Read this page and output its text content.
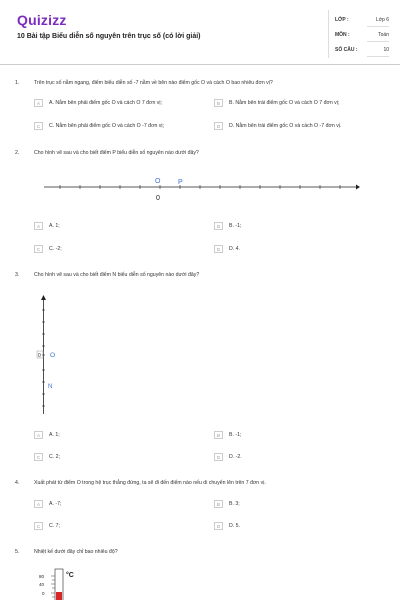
Quizizz
10 Bài tập Biểu diễn số nguyên trên trục số (có lời giải)
LỚP :	Lớp 6
MÔN :	Toán
SỐ CÂU :	10
1.	Trên trục số nằm ngang, điểm biểu diễn số -7 nằm về bên nào điểm gốc O và cách O bao nhiêu đơn vị?
A	A. Nằm bên phải điểm gốc O và cách O 7 đơn vị;	B	B. Nằm bên trái điểm gốc O và cách O 7 đơn vị;
C	C. Nằm bên phải điểm gốc O và cách O -7 đơn vị;	D	D. Nằm bên trái điểm gốc O và cách O -7 đơn vị.
2.	Cho hình vẽ sau và cho biết điểm P biểu diễn số nguyên nào dưới đây?
O	P
0
A	A. 1;	B	B. -1;
C	C. -2;	D	D. 4.
3.	Cho hình vẽ sau và cho biết điểm N biểu diễn số nguyên nào dưới đây?
0 O
N
A	A. 1;	B	B. -1;
C	C. 2;	D	D. -2.
4.	Xuất phát từ điểm O trong hệ trục thẳng đứng, ta sẽ đi đến điểm nào nếu di chuyển lên trên 7 đơn vị.
A	A. -7;	B	B. 3;
C	C. 7;	D	D. 5.
5.	Nhiệt kế dưới đây chỉ bao nhiêu độ?
80
40
0
°C
